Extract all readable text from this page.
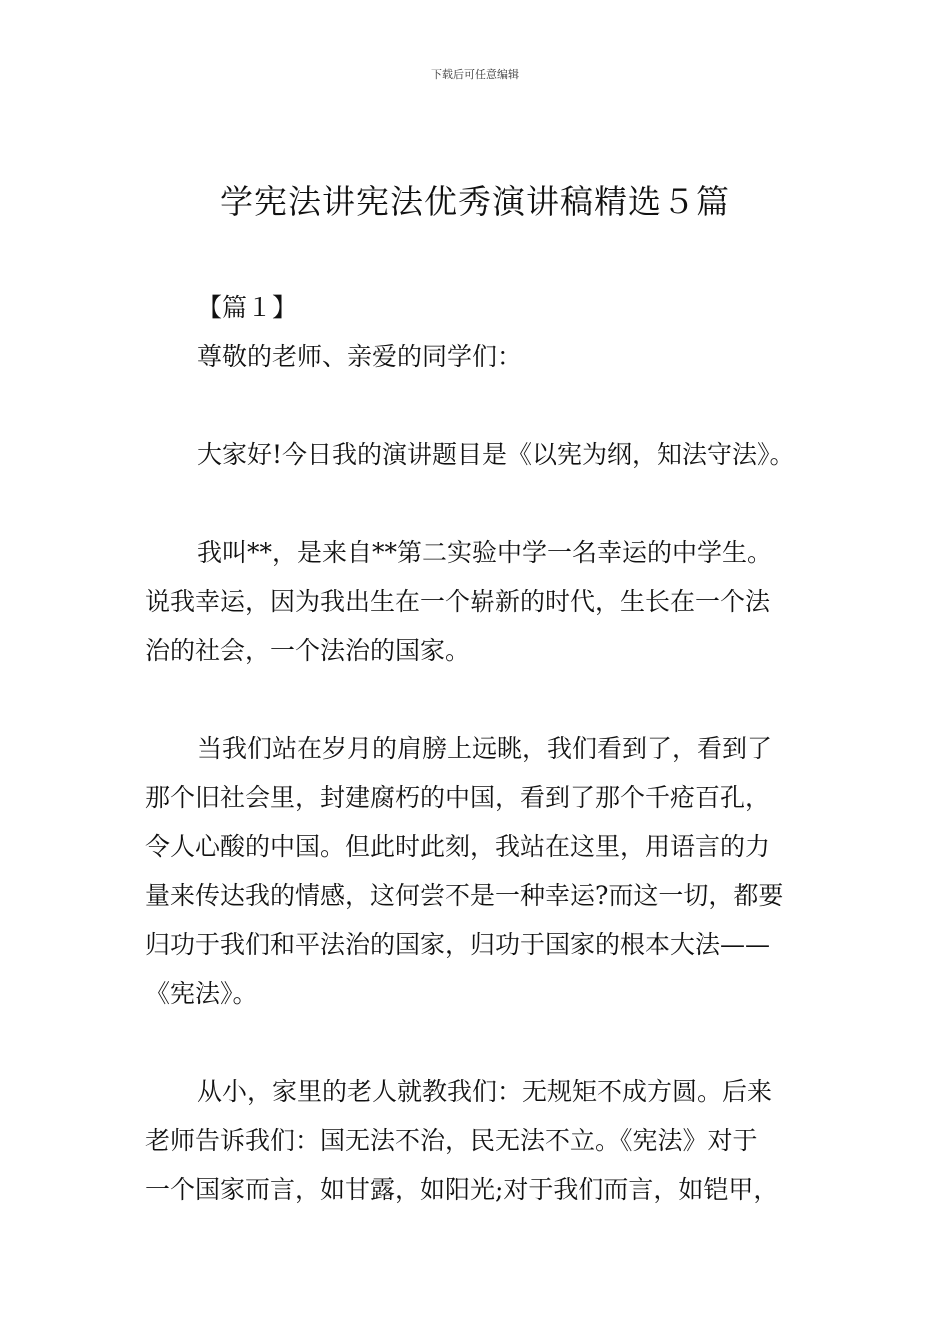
下载后可任意编辑
学宪法讲宪法优秀演讲稿精选５篇
【篇１】
尊敬的老师、亲爱的同学们：
大家好!今日我的演讲题目是《以宪为纲，知法守法》。
我叫**，是来自**第二实验中学一名幸运的中学生。
说我幸运，因为我出生在一个崭新的时代，生长在一个法
治的社会，一个法治的国家。
当我们站在岁月的肩膀上远眺，我们看到了，看到了
那个旧社会里，封建腐朽的中国，看到了那个千疮百孔，
令人心酸的中国。但此时此刻，我站在这里，用语言的力
量来传达我的情感，这何尝不是一种幸运?而这一切，都要
归功于我们和平法治的国家，归功于国家的根本大法——
《宪法》。
从小，家里的老人就教我们：无规矩不成方圆。后来
老师告诉我们：国无法不治，民无法不立。《宪法》对于
一个国家而言，如甘露，如阳光;对于我们而言，如铠甲，
